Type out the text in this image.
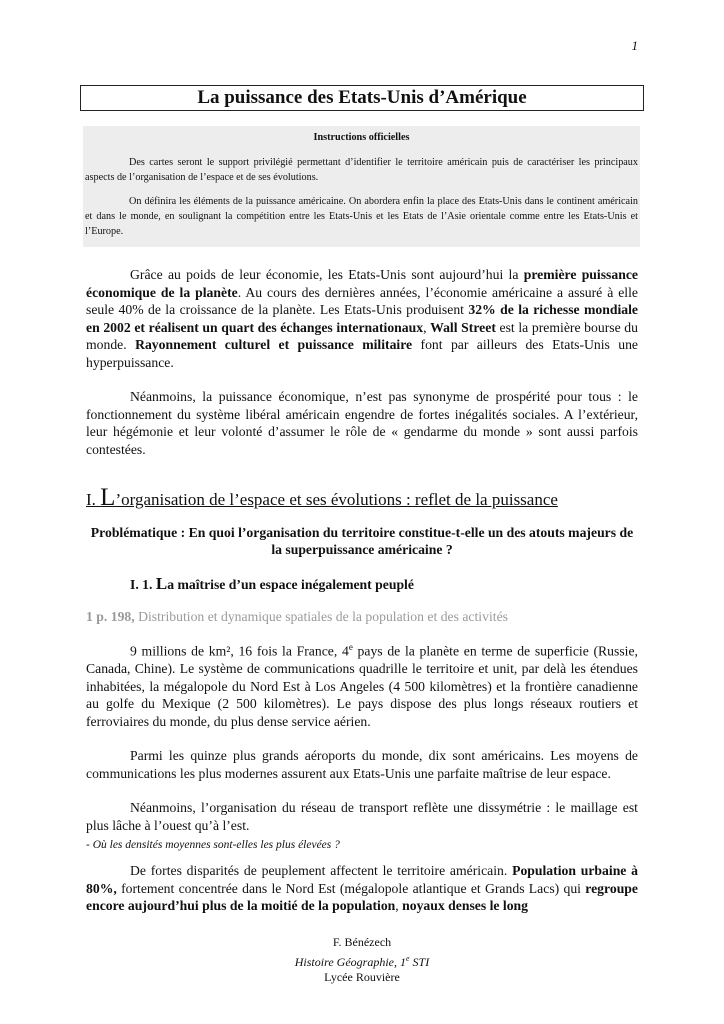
1
La puissance des Etats-Unis d’Amérique
Instructions officielles

Des cartes seront le support privilégié permettant d’identifier le territoire américain puis de caractériser les principaux aspects de l’organisation de l’espace et de ses évolutions.

On définira les éléments de la puissance américaine. On abordera enfin la place des Etats-Unis dans le continent américain et dans le monde, en soulignant la compétition entre les Etats-Unis et les Etats de l’Asie orientale comme entre les Etats-Unis et l’Europe.

Grâce au poids de leur économie, les Etats-Unis sont aujourd’hui la première puissance économique de la planète. Au cours des dernières années, l’économie américaine a assuré à elle seule 40% de la croissance de la planète. Les Etats-Unis produisent 32% de la richesse mondiale en 2002 et réalisent un quart des échanges internationaux, Wall Street est la première bourse du monde. Rayonnement culturel et puissance militaire font par ailleurs des Etats-Unis une hyperpuissance.

Néanmoins, la puissance économique, n’est pas synonyme de prospérité pour tous : le fonctionnement du système libéral américain engendre de fortes inégalités sociales. A l’extérieur, leur hégémonie et leur volonté d’assumer le rôle de « gendarme du monde » sont aussi parfois contestées.

I. L’organisation de l’espace et ses évolutions : reflet de la puissance
Problématique : En quoi l’organisation du territoire constitue-t-elle un des atouts majeurs de la superpuissance américaine ?
I. 1. La maîtrise d’un espace inégalement peuplé
1 p. 198, Distribution et dynamique spatiales de la population et des activités

9 millions de km², 16 fois la France, 4e pays de la planète en terme de superficie (Russie, Canada, Chine). Le système de communications quadrille le territoire et unit, par delà les étendues inhabitées, la mégalopole du Nord Est à Los Angeles (4 500 kilomètres) et la frontière canadienne au golfe du Mexique (2 500 kilomètres). Le pays dispose des plus longs réseaux routiers et ferroviaires du monde, du plus dense service aérien.

Parmi les quinze plus grands aéroports du monde, dix sont américains. Les moyens de communications les plus modernes assurent aux Etats-Unis une parfaite maîtrise de leur espace.

Néanmoins, l’organisation du réseau de transport reflète une dissymétrie : le maillage est plus lâche à l’ouest qu’à l’est.

- Où les densités moyennes sont-elles les plus élevées ?

De fortes disparités de peuplement affectent le territoire américain. Population urbaine à 80%, fortement concentrée dans le Nord Est (mégalopole atlantique et Grands Lacs) qui regroupe encore aujourd’hui plus de la moitié de la population, noyaux denses le long

F. Bénézech
Histoire Géographie, 1e STI
Lycée Rouvière
